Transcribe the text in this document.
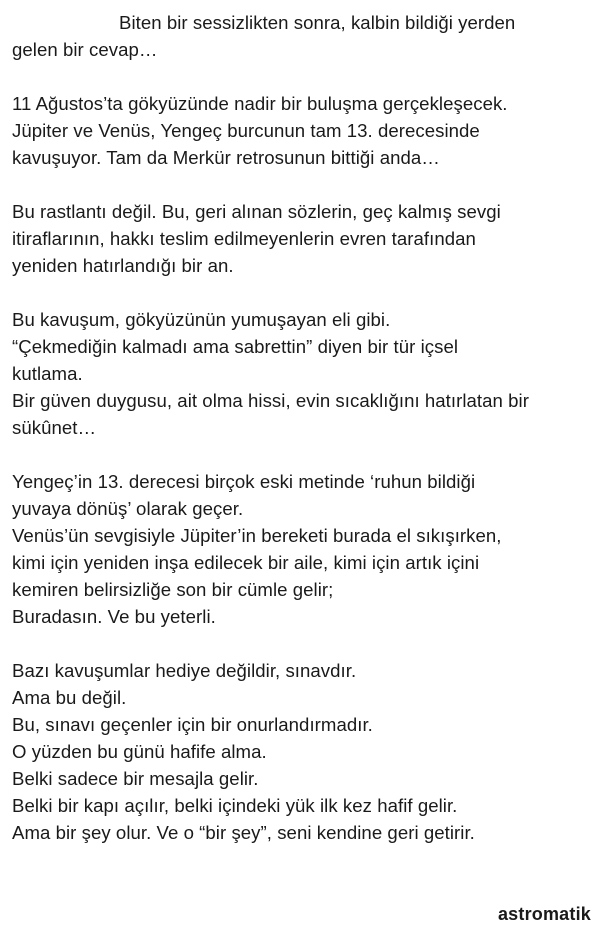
Biten bir sessizlikten sonra, kalbin bildiği yerden
gelen bir cevap…

11 Ağustos’ta gökyüzünde nadir bir buluşma gerçekleşecek.
Jüpiter ve Venüs, Yengeç burcunun tam 13. derecesinde
kavuşuyor. Tam da Merkür retrosunun bittiği anda…

Bu rastlantı değil. Bu, geri alınan sözlerin, geç kalmış sevgi
itiraflarının, hakkı teslim edilmeyenlerin evren tarafından
yeniden hatırlandığı bir an.

Bu kavuşum, gökyüzünün yumuşayan eli gibi.
“Çekmediğin kalmadı ama sabrettin” diyen bir tür içsel
kutlama.
Bir güven duygusu, ait olma hissi, evin sıcaklığını hatırlatan bir
sükûnet…

Yengeç’in 13. derecesi birçok eski metinde ‘ruhun bildiği
yuvaya dönüş’ olarak geçer.
Venüs’ün sevgisiyle Jüpiter’in bereketi burada el sıkışırken,
kimi için yeniden inşa edilecek bir aile, kimi için artık içini
kemiren belirsizliğe son bir cümle gelir;
Buradasın. Ve bu yeterli.

Bazı kavuşumlar hediye değildir, sınavdır.
Ama bu değil.
Bu, sınavı geçenler için bir onurlandırmadır.
O yüzden bu günü hafife alma.
Belki sadece bir mesajla gelir.
Belki bir kapı açılır, belki içindeki yük ilk kez hafif gelir.
Ama bir şey olur. Ve o “bir şey”, seni kendine geri getirir.

astromatik
